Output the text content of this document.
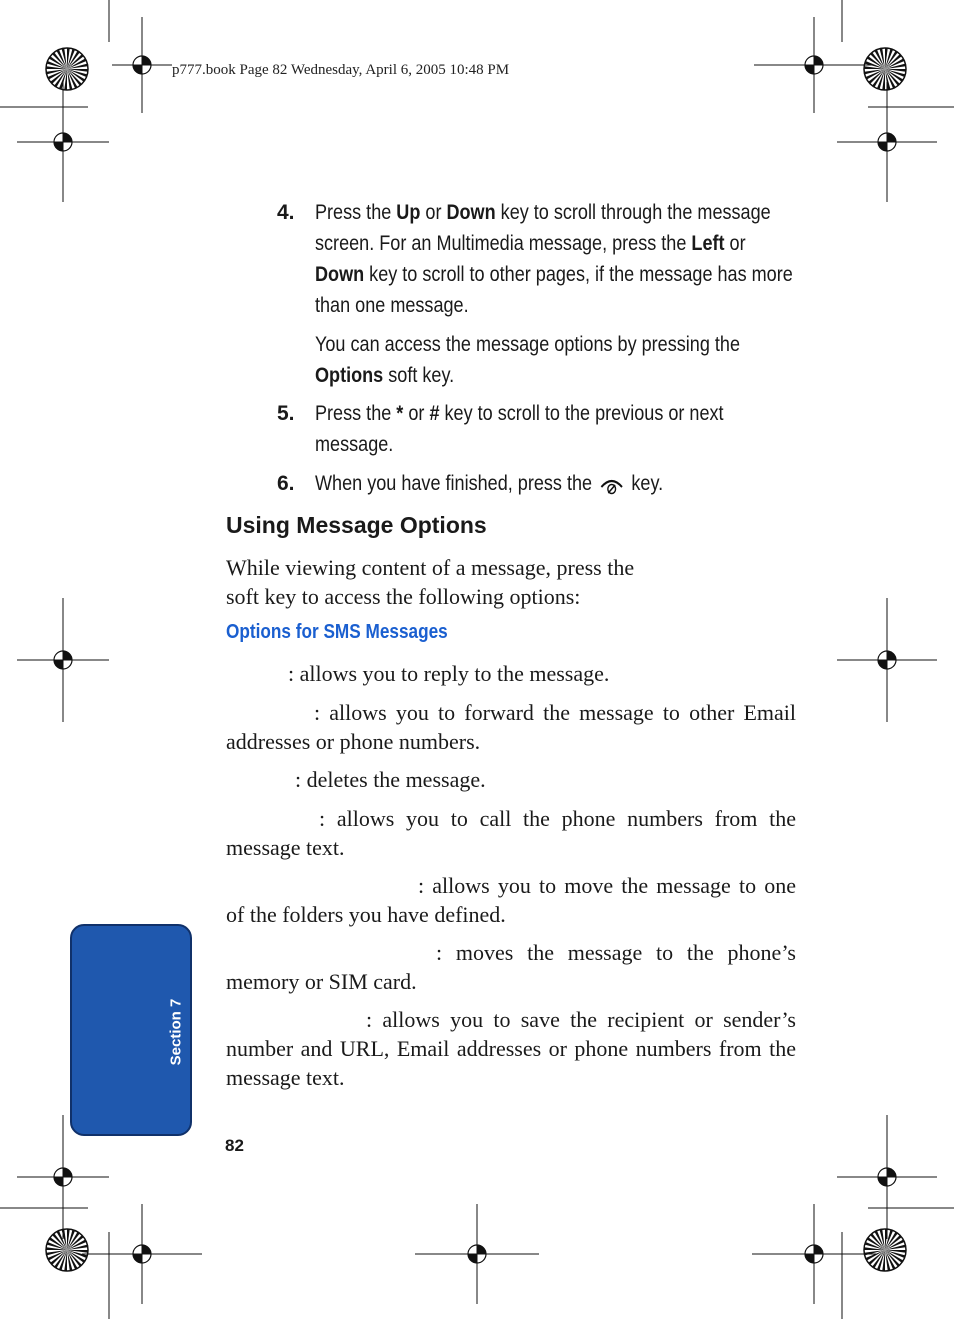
p777.book Page 82 Wednesday, April 6, 2005 10:48 PM
4. Press the Up or Down key to scroll through the message screen. For an Multimedia message, press the Left or Down key to scroll to other pages, if the message has more than one message.
You can access the message options by pressing the Options soft key.
5. Press the * or # key to scroll to the previous or next message.
6. When you have finished, press the  key.
Using Message Options
While viewing content of a message, press the
soft key to access the following options:
Options for SMS Messages
: allows you to reply to the message.
: allows you to forward the message to other Email addresses or phone numbers.
: deletes the message.
: allows you to call the phone numbers from the message text.
: allows you to move the message to one of the folders you have defined.
: moves the message to the phone’s memory or SIM card.
: allows you to save the recipient or sender’s number and URL, Email addresses or phone numbers from the message text.
Section 7
82
